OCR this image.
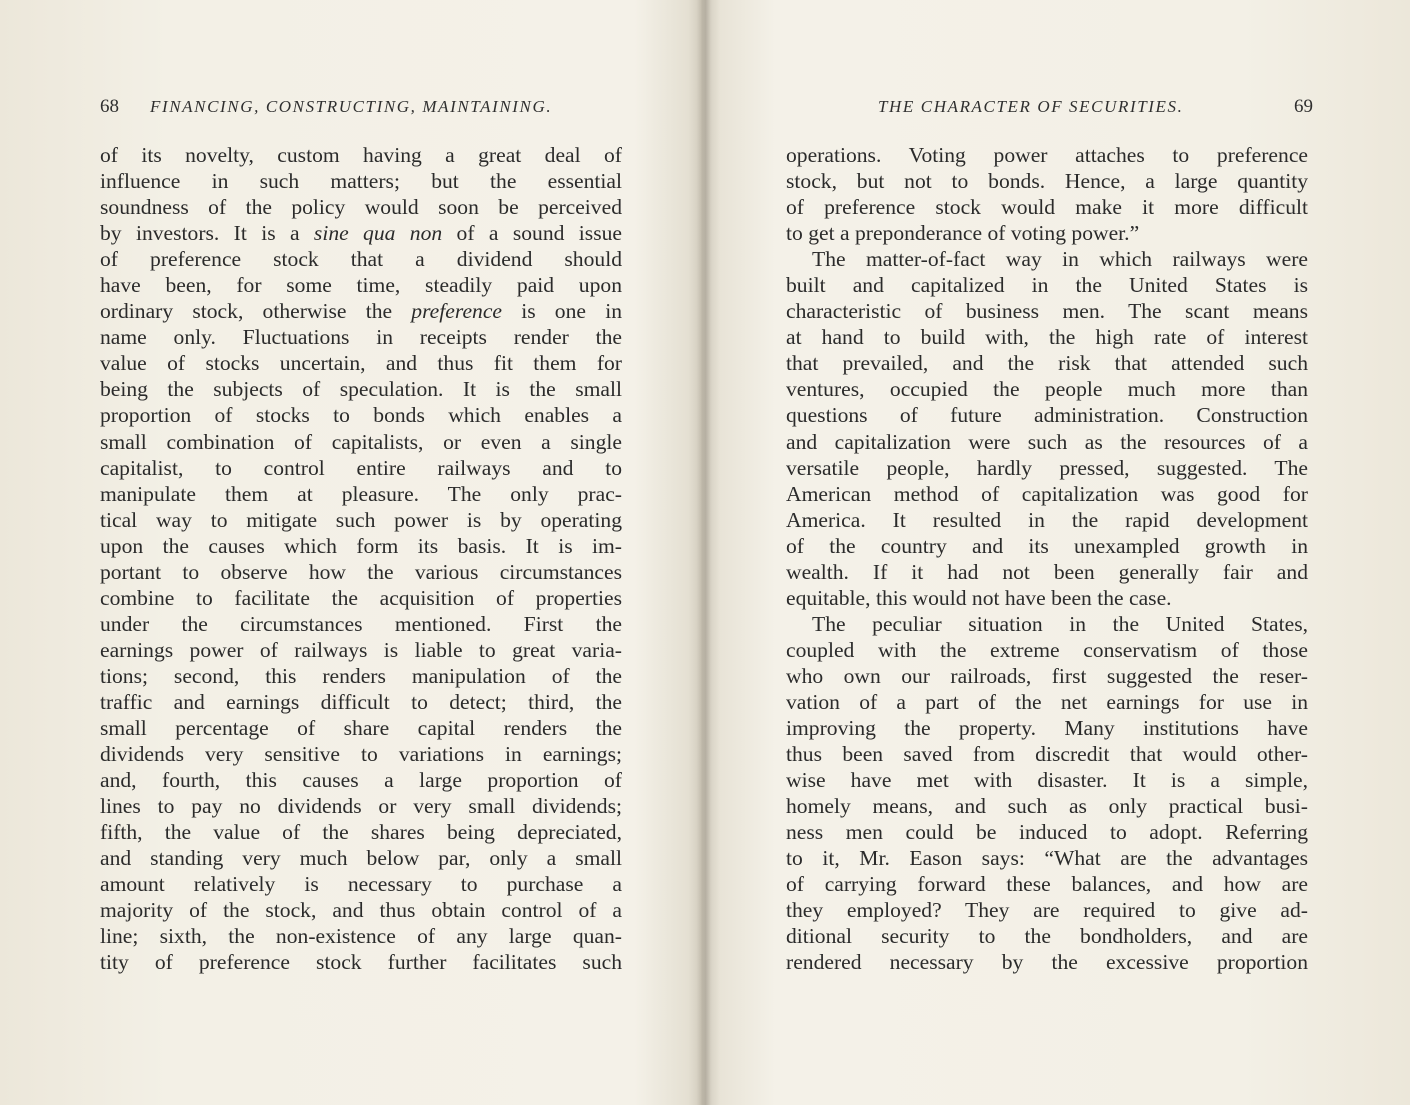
68 FINANCING, CONSTRUCTING, MAINTAINING.
of its novelty, custom having a great deal of
influence in such matters; but the essential
soundness of the policy would soon be perceived
by investors. It is a sine qua non of a sound issue
of preference stock that a dividend should
have been, for some time, steadily paid upon
ordinary stock, otherwise the preference is one in
name only. Fluctuations in receipts render the
value of stocks uncertain, and thus fit them for
being the subjects of speculation. It is the small
proportion of stocks to bonds which enables a
small combination of capitalists, or even a single
capitalist, to control entire railways and to
manipulate them at pleasure. The only prac-
tical way to mitigate such power is by operating
upon the causes which form its basis. It is im-
portant to observe how the various circumstances
combine to facilitate the acquisition of properties
under the circumstances mentioned. First the
earnings power of railways is liable to great varia-
tions; second, this renders manipulation of the
traffic and earnings difficult to detect; third, the
small percentage of share capital renders the
dividends very sensitive to variations in earnings;
and, fourth, this causes a large proportion of
lines to pay no dividends or very small dividends;
fifth, the value of the shares being depreciated,
and standing very much below par, only a small
amount relatively is necessary to purchase a
majority of the stock, and thus obtain control of a
line; sixth, the non-existence of any large quan-
tity of preference stock further facilitates such
THE CHARACTER OF SECURITIES.	69
operations. Voting power attaches to preference
stock, but not to bonds. Hence, a large quantity
of preference stock would make it more difficult
to get a preponderance of voting power.”
The matter-of-fact way in which railways were
built and capitalized in the United States is
characteristic of business men. The scant means
at hand to build with, the high rate of interest
that prevailed, and the risk that attended such
ventures, occupied the people much more than
questions of future administration. Construction
and capitalization were such as the resources of a
versatile people, hardly pressed, suggested. The
American method of capitalization was good for
America. It resulted in the rapid development
of the country and its unexampled growth in
wealth. If it had not been generally fair and
equitable, this would not have been the case.
The peculiar situation in the United States,
coupled with the extreme conservatism of those
who own our railroads, first suggested the reser-
vation of a part of the net earnings for use in
improving the property. Many institutions have
thus been saved from discredit that would other-
wise have met with disaster. It is a simple,
homely means, and such as only practical busi-
ness men could be induced to adopt. Referring
to it, Mr. Eason says: “What are the advantages
of carrying forward these balances, and how are
they employed? They are required to give ad-
ditional security to the bondholders, and are
rendered necessary by the excessive proportion
